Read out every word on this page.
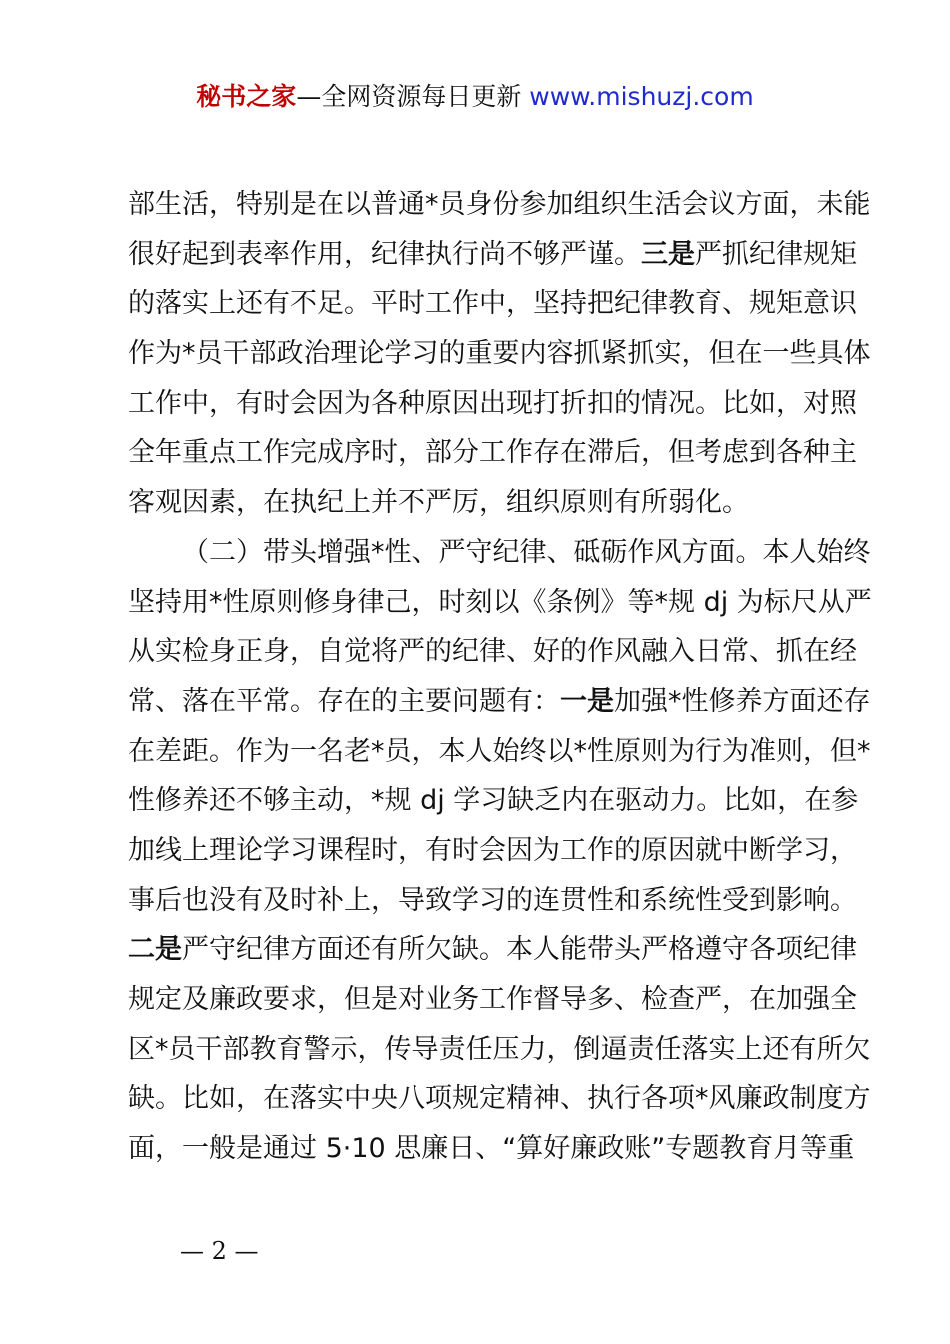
秘书之家—全网资源每日更新 www.mishuzj.com
部生活，特别是在以普通*员身份参加组织生活会议方面，未能
很好起到表率作用，纪律执行尚不够严谨。三是严抓纪律规矩
的落实上还有不足。平时工作中，坚持把纪律教育、规矩意识
作为*员干部政治理论学习的重要内容抓紧抓实，但在一些具体
工作中，有时会因为各种原因出现打折扣的情况。比如，对照
全年重点工作完成序时，部分工作存在滞后，但考虑到各种主
客观因素，在执纪上并不严厉，组织原则有所弱化。
（二）带头增强*性、严守纪律、砥砺作风方面。本人始终
坚持用*性原则修身律己，时刻以《条例》等*规 dj 为标尺从严
从实检身正身，自觉将严的纪律、好的作风融入日常、抓在经
常、落在平常。存在的主要问题有：一是加强*性修养方面还存
在差距。作为一名老*员，本人始终以*性原则为行为准则，但*
性修养还不够主动，*规 dj 学习缺乏内在驱动力。比如，在参
加线上理论学习课程时，有时会因为工作的原因就中断学习，
事后也没有及时补上，导致学习的连贯性和系统性受到影响。
二是严守纪律方面还有所欠缺。本人能带头严格遵守各项纪律
规定及廉政要求，但是对业务工作督导多、检查严，在加强全
区*员干部教育警示，传导责任压力，倒逼责任落实上还有所欠
缺。比如，在落实中央八项规定精神、执行各项*风廉政制度方
面，一般是通过 5·10 思廉日、“算好廉政账”专题教育月等重
— 2 —
